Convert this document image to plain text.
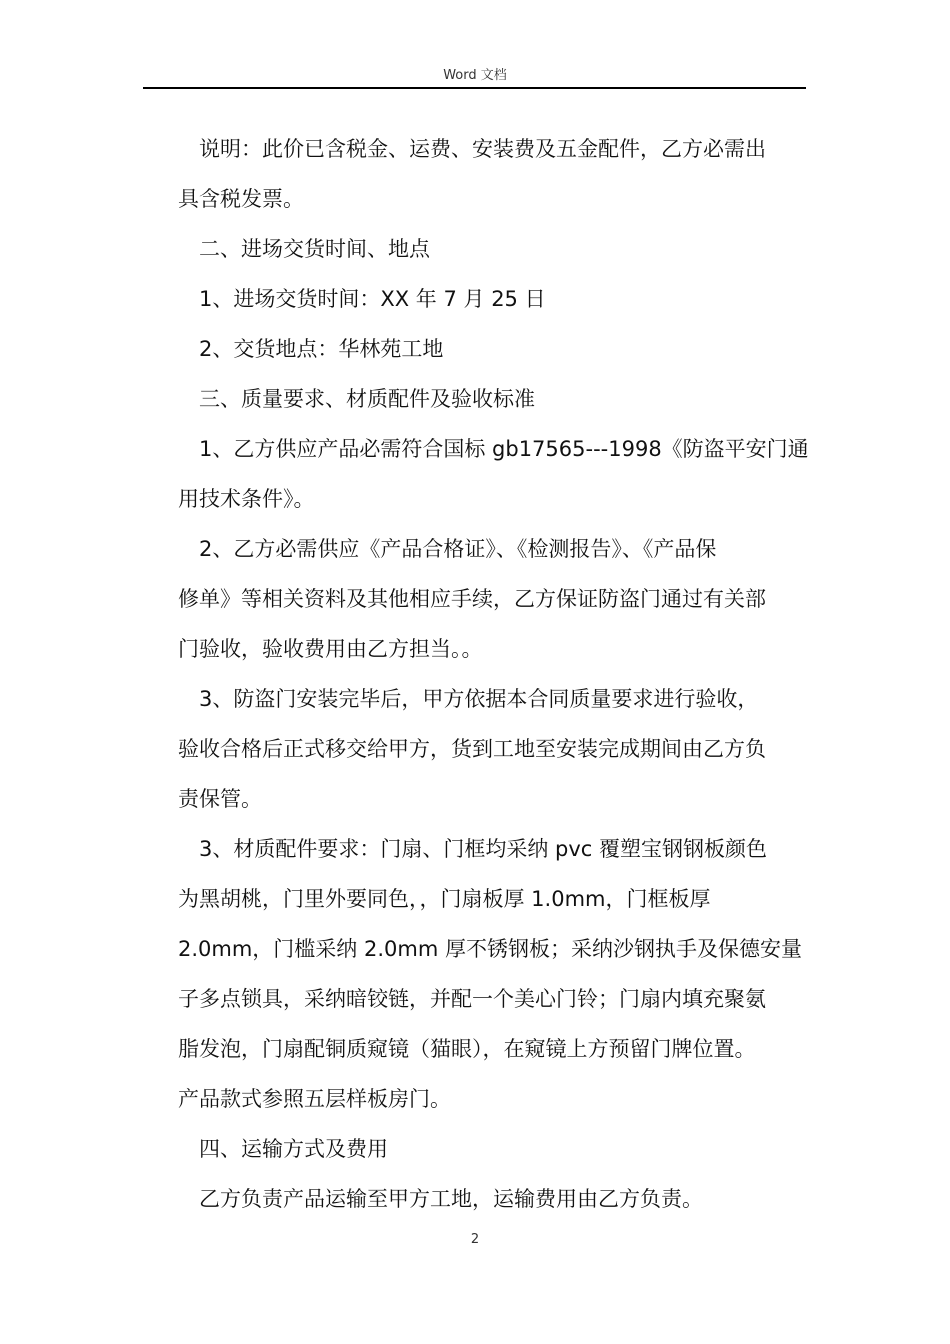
Word 文档
说明：此价已含税金、运费、安装费及五金配件，乙方必需出
具含税发票。
二、进场交货时间、地点
1、进场交货时间：XX 年 7 月 25 日
2、交货地点：华林苑工地
三、质量要求、材质配件及验收标准
1、乙方供应产品必需符合国标 gb17565---1998《防盗平安门通
用技术条件》。
2、乙方必需供应《产品合格证》、《检测报告》、《产品保
修单》等相关资料及其他相应手续，乙方保证防盗门通过有关部
门验收，验收费用由乙方担当。。
3、防盗门安装完毕后，甲方依据本合同质量要求进行验收，
验收合格后正式移交给甲方，货到工地至安装完成期间由乙方负
责保管。
3、材质配件要求：门扇、门框均采纳 pvc 覆塑宝钢钢板颜色
为黑胡桃，门里外要同色，，门扇板厚 1.0mm，门框板厚
2.0mm，门槛采纳 2.0mm 厚不锈钢板；采纳沙钢执手及保德安量
子多点锁具，采纳暗铰链，并配一个美心门铃；门扇内填充聚氨
脂发泡，门扇配铜质窥镜（猫眼），在窥镜上方预留门牌位置。
产品款式参照五层样板房门。
四、运输方式及费用
乙方负责产品运输至甲方工地，运输费用由乙方负责。
2
